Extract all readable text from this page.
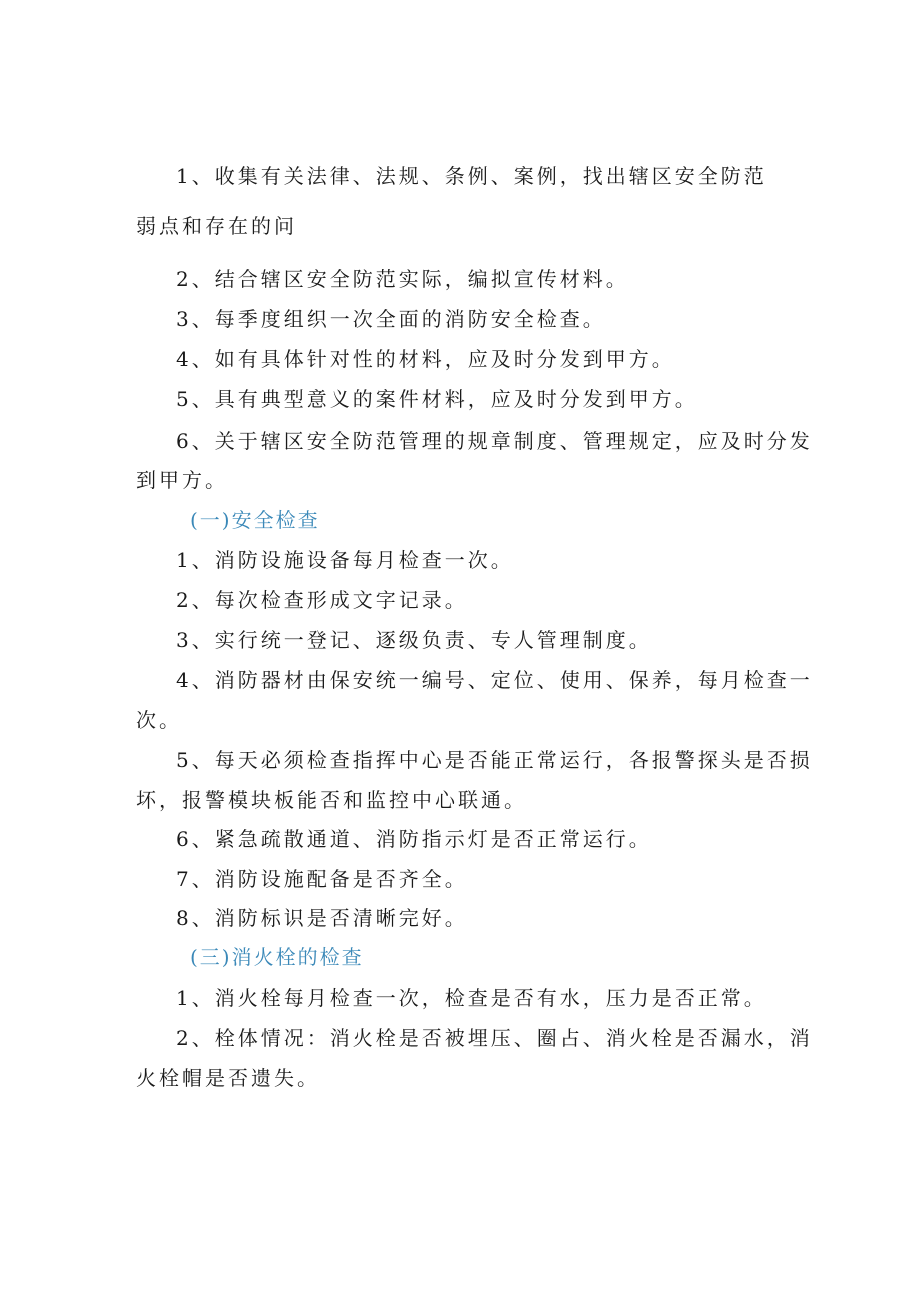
1、收集有关法律、法规、条例、案例，找出辖区安全防范
弱点和存在的问
2、结合辖区安全防范实际，编拟宣传材料。
3、每季度组织一次全面的消防安全检查。
4、如有具体针对性的材料，应及时分发到甲方。
5、具有典型意义的案件材料，应及时分发到甲方。
6、关于辖区安全防范管理的规章制度、管理规定，应及时分发
到甲方。
(一)安全检查
1、消防设施设备每月检查一次。
2、每次检查形成文字记录。
3、实行统一登记、逐级负责、专人管理制度。
4、消防器材由保安统一编号、定位、使用、保养，每月检查一
次。
5、每天必须检查指挥中心是否能正常运行，各报警探头是否损
坏，报警模块板能否和监控中心联通。
6、紧急疏散通道、消防指示灯是否正常运行。
7、消防设施配备是否齐全。
8、消防标识是否清晰完好。
(三)消火栓的检查
1、消火栓每月检查一次，检查是否有水，压力是否正常。
2、栓体情况：消火栓是否被埋压、圈占、消火栓是否漏水，消
火栓帽是否遗失。
